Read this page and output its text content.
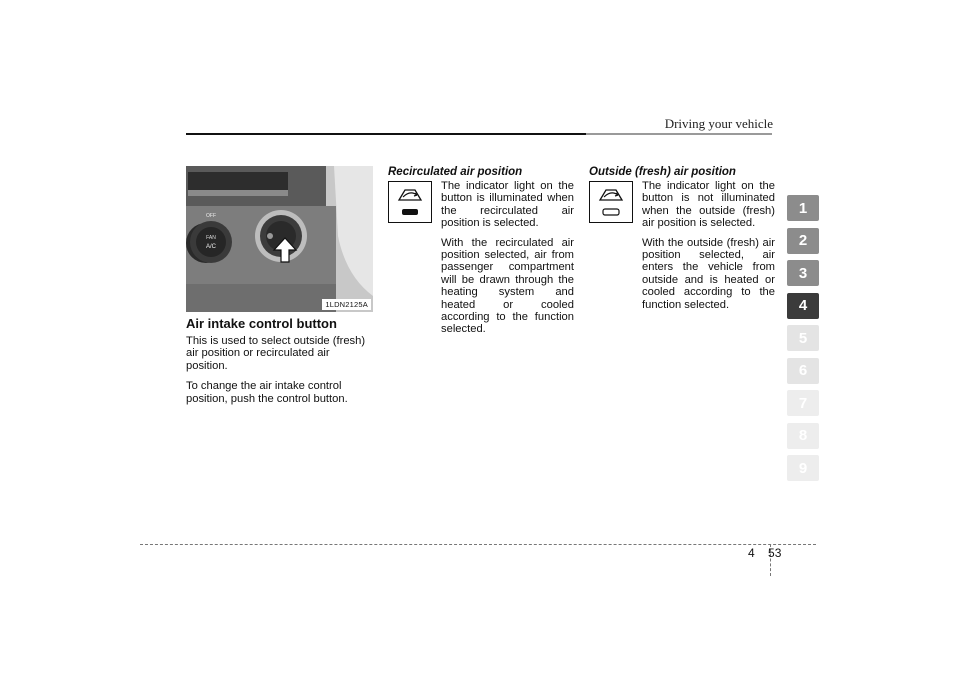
Driving your vehicle
1
2
3
4
5
6
7
8
9
FAN
A/C
OFF
1LDN2125A
Air intake control button

This is used to select outside (fresh) air position or recirculated air position.

To change the air intake control position, push the control button.

Recirculated air position

The indicator light on the button is illuminated when the recirculated air position is selected.

With the recirculated air position selected, air from passenger compartment will be drawn through the heating system and heated or cooled according to the function selected.

Outside (fresh) air position

The indicator light on the button is not illuminated when the outside (fresh) air position is selected.

With the outside (fresh) air position selected, air enters the vehicle from outside and is heated or cooled according to the function selected.

4 53
